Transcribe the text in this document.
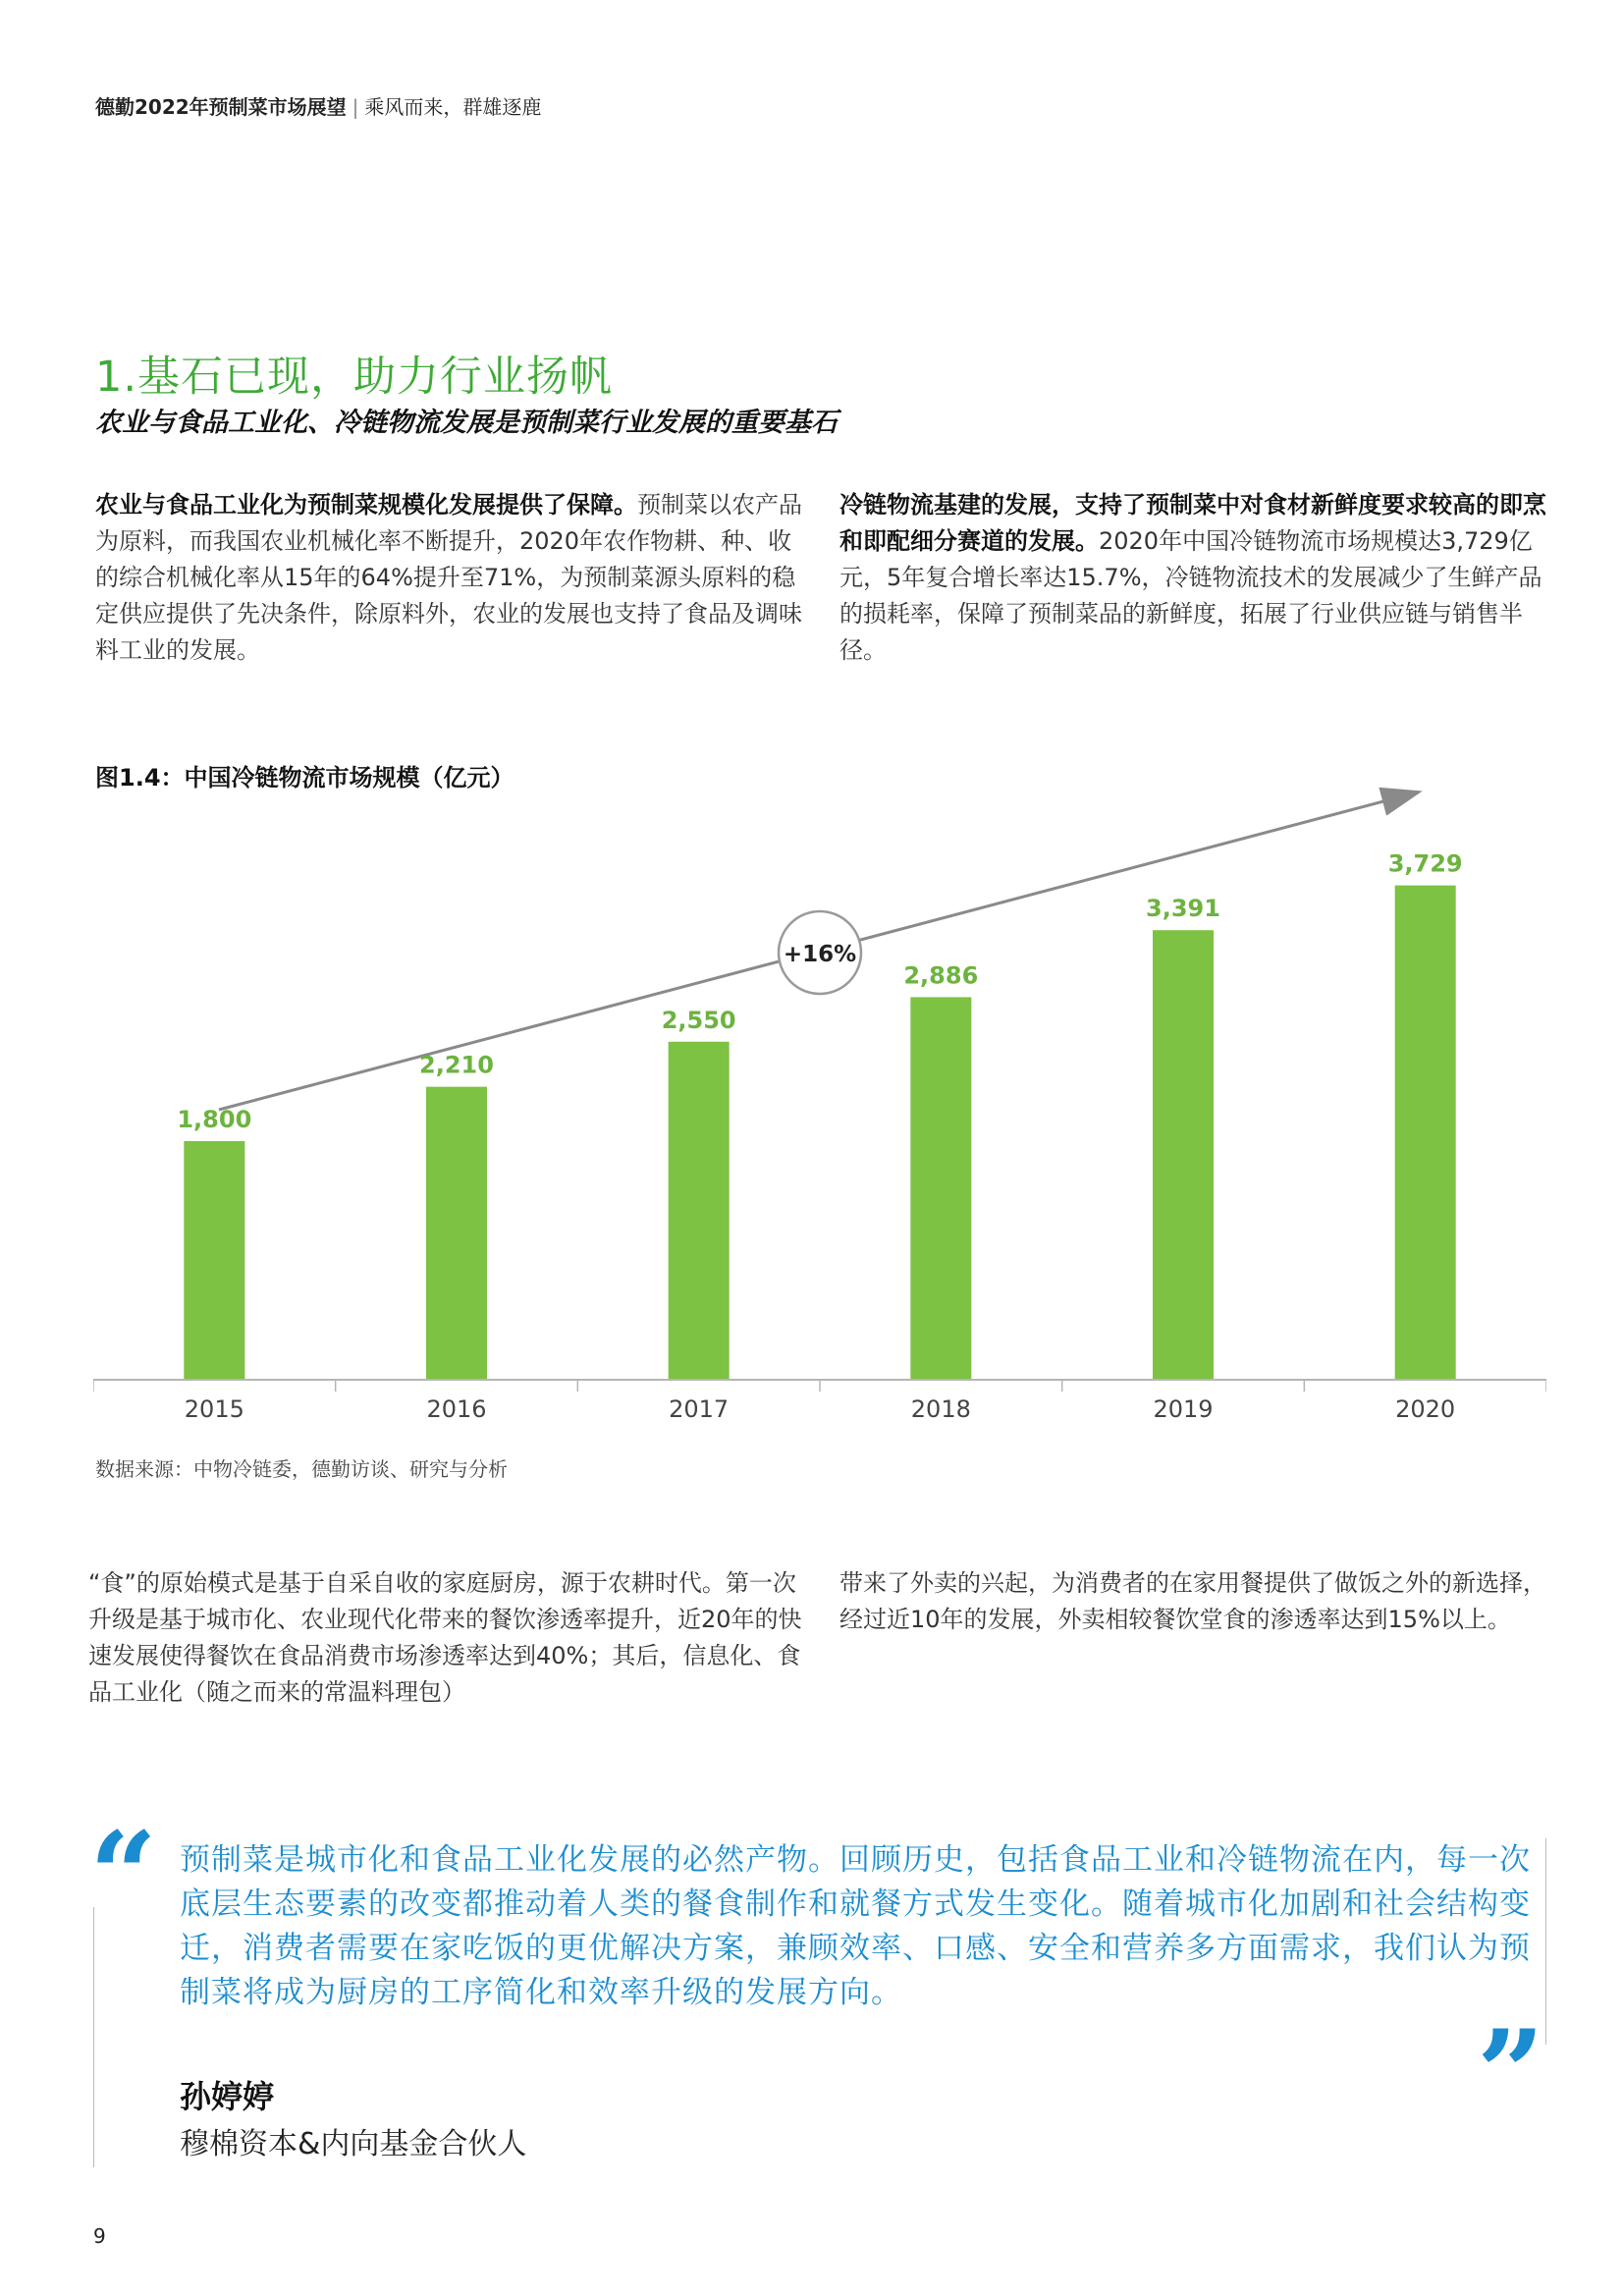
德勤2022年预制菜市场展望 | 乘风而来，群雄逐鹿
1.基石已现，助力行业扬帆
农业与食品工业化、冷链物流发展是预制菜行业发展的重要基石
农业与食品工业化为预制菜规模化发展提供了保障。预制菜以农产品为原料，而我国农业机械化率不断提升，2020年农作物耕、种、收的综合机械化率从15年的64%提升至71%，为预制菜源头原料的稳定供应提供了先决条件，除原料外，农业的发展也支持了食品及调味料工业的发展。
冷链物流基建的发展，支持了预制菜中对食材新鲜度要求较高的即烹和即配细分赛道的发展。2020年中国冷链物流市场规模达3,729亿元，5年复合增长率达15.7%，冷链物流技术的发展减少了生鲜产品的损耗率，保障了预制菜品的新鲜度，拓展了行业供应链与销售半径。
图1.4：中国冷链物流市场规模（亿元）
1,800
2,210
2,550
2,886
3,391
3,729
2015	2016	2017	2018	2019	2020
+16%
数据来源：中物冷链委，德勤访谈、研究与分析
“食”的原始模式是基于自采自收的家庭厨房，源于农耕时代。第一次升级是基于城市化、农业现代化带来的餐饮渗透率提升，近20年的快速发展使得餐饮在食品消费市场渗透率达到40%；其后，信息化、食品工业化（随之而来的常温料理包）
带来了外卖的兴起，为消费者的在家用餐提供了做饭之外的新选择，经过近10年的发展，外卖相较餐饮堂食的渗透率达到15%以上。
“ 预制菜是城市化和食品工业化发展的必然产物。回顾历史，包括食品工业和冷链物流在内，每一次底层生态要素的改变都推动着人类的餐食制作和就餐方式发生变化。随着城市化加剧和社会结构变迁，消费者需要在家吃饭的更优解决方案，兼顾效率、口感、安全和营养多方面需求，我们认为预制菜将成为厨房的工序简化和效率升级的发展方向。
孙婷婷
穆棉资本&内向基金合伙人
”
9
